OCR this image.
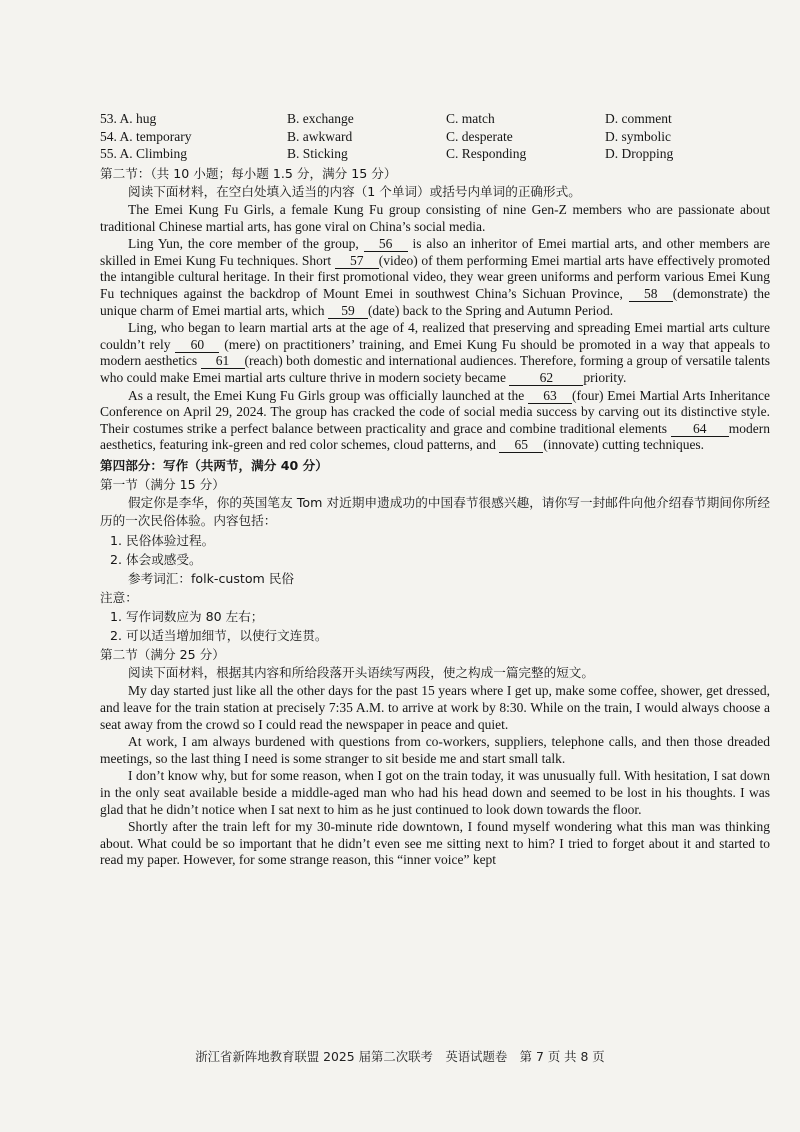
53. A. hug	B. exchange	C. match	D. comment
54. A. temporary	B. awkward	C. desperate	D. symbolic
55. A. Climbing	B. Sticking	C. Responding	D. Dropping
第二节：（共 10 小题；每小题 1.5 分，满分 15 分）
阅读下面材料，在空白处填入适当的内容（1 个单词）或括号内单词的正确形式。

The Emei Kung Fu Girls, a female Kung Fu group consisting of nine Gen-Z members who are passionate about traditional Chinese martial arts, has gone viral on China’s social media.

Ling Yun, the core member of the group, 56 is also an inheritor of Emei martial arts, and other members are skilled in Emei Kung Fu techniques. Short 57 (video) of them performing Emei martial arts have effectively promoted the intangible cultural heritage. In their first promotional video, they wear green uniforms and perform various Emei Kung Fu techniques against the backdrop of Mount Emei in southwest China’s Sichuan Province, 58 (demonstrate) the unique charm of Emei martial arts, which 59 (date) back to the Spring and Autumn Period.

Ling, who began to learn martial arts at the age of 4, realized that preserving and spreading Emei martial arts culture couldn’t rely 60 (mere) on practitioners’ training, and Emei Kung Fu should be promoted in a way that appeals to modern aesthetics 61 (reach) both domestic and international audiences. Therefore, forming a group of versatile talents who could make Emei martial arts culture thrive in modern society became 62 priority.

As a result, the Emei Kung Fu Girls group was officially launched at the 63 (four) Emei Martial Arts Inheritance Conference on April 29, 2024. The group has cracked the code of social media success by carving out its distinctive style. Their costumes strike a perfect balance between practicality and grace and combine traditional elements 64 modern aesthetics, featuring ink-green and red color schemes, cloud patterns, and 65 (innovate) cutting techniques.

第四部分：写作（共两节，满分 40 分）
第一节（满分 15 分）

假定你是李华，你的英国笔友 Tom 对近期申遗成功的中国春节很感兴趣，请你写一封邮件向他介绍春节期间你所经历的一次民俗体验。内容包括：

1. 民俗体验过程。
2. 体会或感受。
参考词汇：folk-custom 民俗
注意：
1. 写作词数应为 80 左右；
2. 可以适当增加细节，以使行文连贯。
第二节（满分 25 分）
阅读下面材料，根据其内容和所给段落开头语续写两段，使之构成一篇完整的短文。

My day started just like all the other days for the past 15 years where I get up, make some coffee, shower, get dressed, and leave for the train station at precisely 7:35 A.M. to arrive at work by 8:30. While on the train, I would always choose a seat away from the crowd so I could read the newspaper in peace and quiet.

At work, I am always burdened with questions from co-workers, suppliers, telephone calls, and then those dreaded meetings, so the last thing I need is some stranger to sit beside me and start small talk.

I don’t know why, but for some reason, when I got on the train today, it was unusually full. With hesitation, I sat down in the only seat available beside a middle-aged man who had his head down and seemed to be lost in his thoughts. I was glad that he didn’t notice when I sat next to him as he just continued to look down towards the floor.

Shortly after the train left for my 30-minute ride downtown, I found myself wondering what this man was thinking about. What could be so important that he didn’t even see me sitting next to him? I tried to forget about it and started to read my paper. However, for some strange reason, this “inner voice” kept

浙江省新阵地教育联盟 2025 届第二次联考　英语试题卷　第 7 页 共 8 页
